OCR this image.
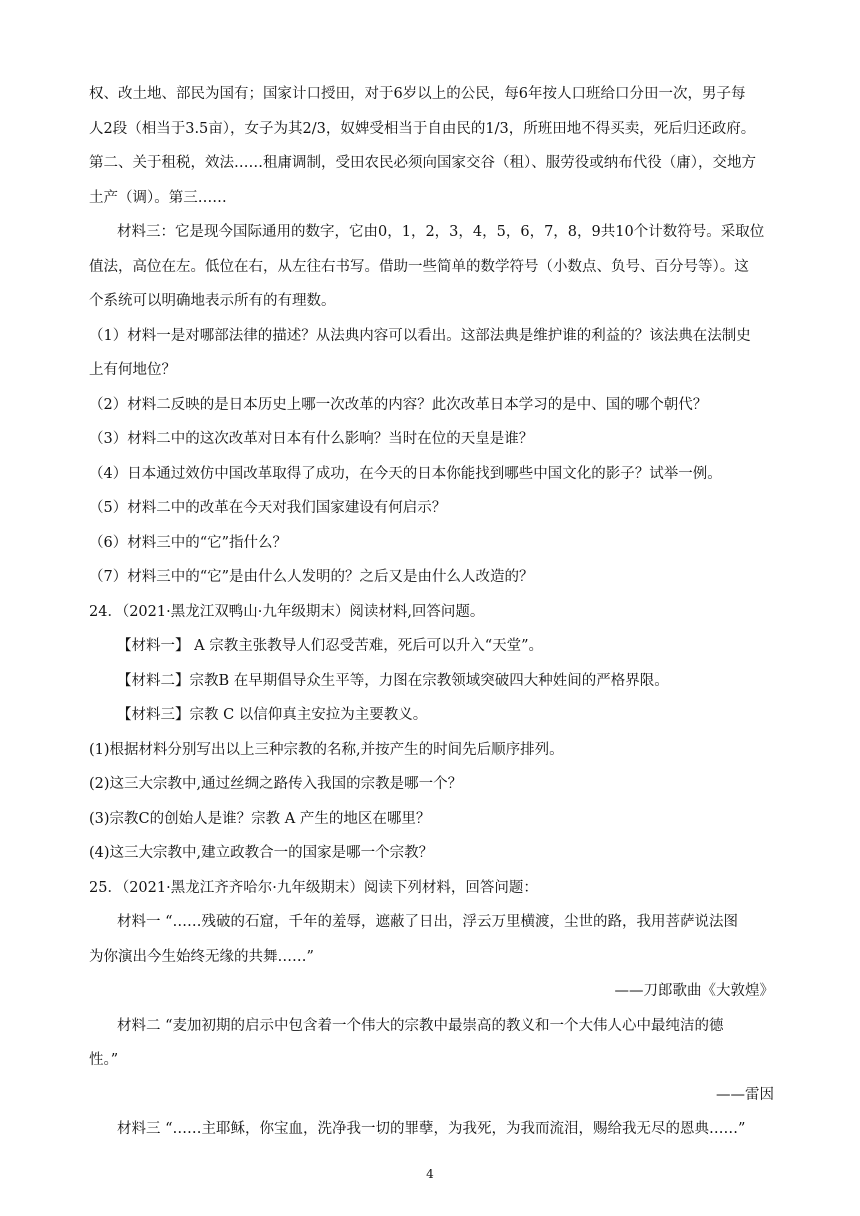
权、改土地、部民为国有；国家计口授田，对于6岁以上的公民，每6年按人口班给口分田一次，男子每
人2段（相当于3.5亩），女子为其2/3，奴婢受相当于自由民的1/3，所班田地不得买卖，死后归还政府。
第二、关于租税，效法……租庸调制，受田农民必须向国家交谷（租）、服劳役或纳布代役（庸），交地方
土产（调）。第三……
材料三：它是现今国际通用的数字，它由0，1，2，3，4，5，6，7，8，9共10个计数符号。采取位
值法，高位在左。低位在右，从左往右书写。借助一些简单的数学符号（小数点、负号、百分号等）。这
个系统可以明确地表示所有的有理数。
（1）材料一是对哪部法律的描述？从法典内容可以看出。这部法典是维护谁的利益的？该法典在法制史
上有何地位？
（2）材料二反映的是日本历史上哪一次改革的内容？此次改革日本学习的是中、国的哪个朝代？
（3）材料二中的这次改革对日本有什么影响？当时在位的天皇是谁？
（4）日本通过效仿中国改革取得了成功，在今天的日本你能找到哪些中国文化的影子？试举一例。
（5）材料二中的改革在今天对我们国家建设有何启示？
（6）材料三中的“它”指什么？
（7）材料三中的“它”是由什么人发明的？之后又是由什么人改造的？
24．（2021·黑龙江双鸭山·九年级期末）阅读材料,回答问题。
【材料一】 A 宗教主张教导人们忍受苦难，死后可以升入“天堂”。
【材料二】宗教B 在早期倡导众生平等，力图在宗教领域突破四大种姓间的严格界限。
【材料三】宗教 C 以信仰真主安拉为主要教义。
(1)根据材料分别写出以上三种宗教的名称,并按产生的时间先后顺序排列。
(2)这三大宗教中,通过丝绸之路传入我国的宗教是哪一个？
(3)宗教C的创始人是谁？宗教 A 产生的地区在哪里？
(4)这三大宗教中,建立政教合一的国家是哪一个宗教？
25．（2021·黑龙江齐齐哈尔·九年级期末）阅读下列材料，回答问题：
材料一 “……残破的石窟，千年的羞辱，遮蔽了日出，浮云万里横渡，尘世的路，我用菩萨说法图
为你演出今生始终无缘的共舞……”
——刀郎歌曲《大敦煌》
材料二 “麦加初期的启示中包含着一个伟大的宗教中最崇高的教义和一个大伟人心中最纯洁的德
性。”
——雷因
材料三 “……主耶稣，你宝血，洗净我一切的罪孽，为我死，为我而流泪，赐给我无尽的恩典……”
4
